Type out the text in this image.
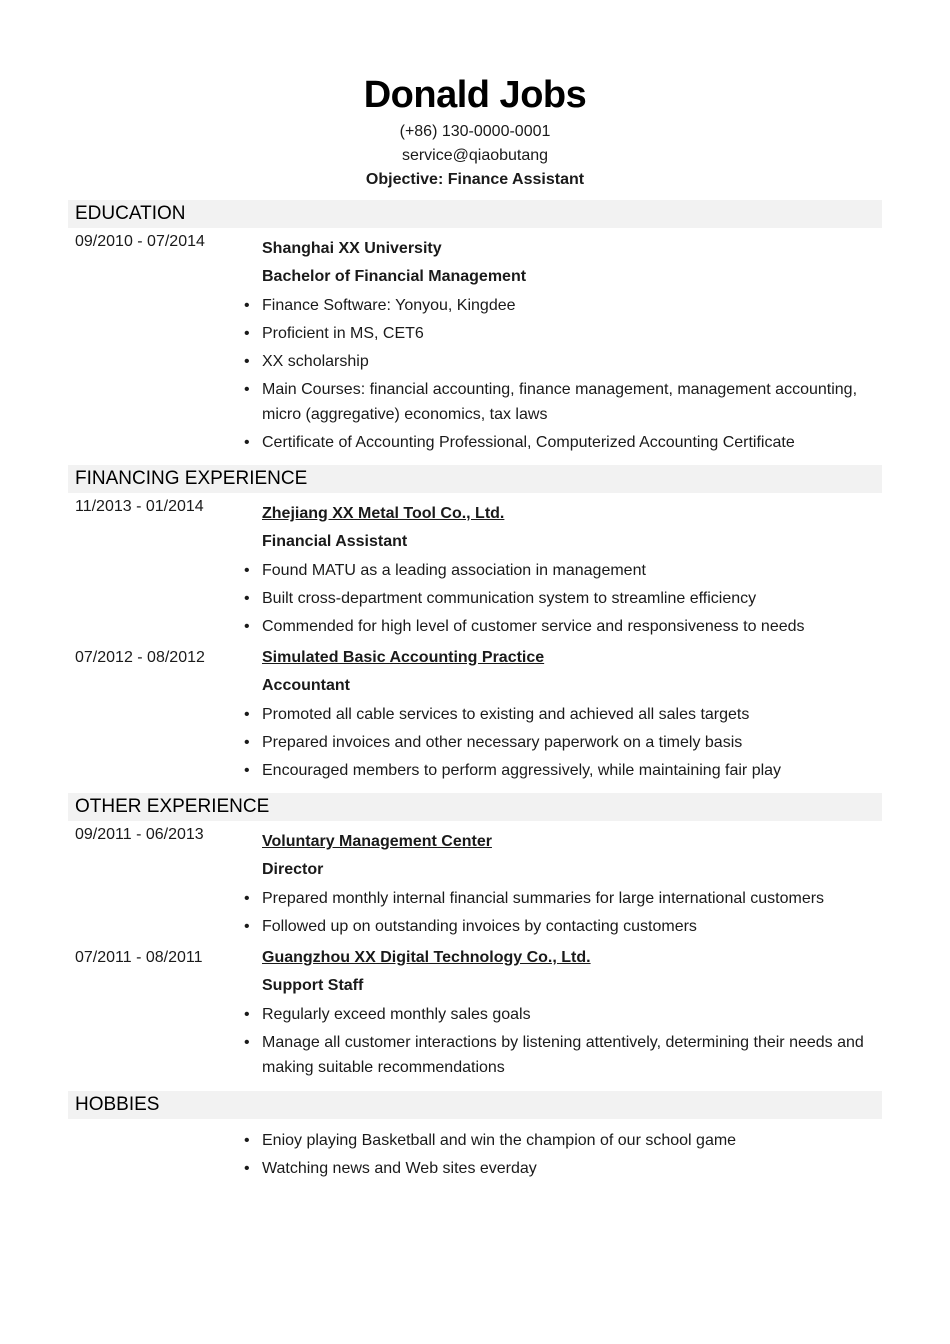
Donald Jobs
(+86) 130-0000-0001
service@qiaobutang
Objective: Finance Assistant
EDUCATION
09/2010 - 07/2014	Shanghai XX University
Bachelor of Financial Management
• Finance Software: Yonyou, Kingdee
• Proficient in MS, CET6
• XX scholarship
• Main Courses: financial accounting, finance management, management accounting, micro (aggregative) economics, tax laws
• Certificate of Accounting Professional, Computerized Accounting Certificate
FINANCING EXPERIENCE
11/2013 - 01/2014	Zhejiang XX Metal Tool Co., Ltd.
Financial Assistant
• Found MATU as a leading association in management
• Built cross-department communication system to streamline efficiency
• Commended for high level of customer service and responsiveness to needs
07/2012 - 08/2012	Simulated Basic Accounting Practice
Accountant
• Promoted all cable services to existing and achieved all sales targets
• Prepared invoices and other necessary paperwork on a timely basis
• Encouraged members to perform aggressively, while maintaining fair play
OTHER EXPERIENCE
09/2011 - 06/2013	Voluntary Management Center
Director
• Prepared monthly internal financial summaries for large international customers
• Followed up on outstanding invoices by contacting customers
07/2011 - 08/2011	Guangzhou XX Digital Technology Co., Ltd.
Support Staff
• Regularly exceed monthly sales goals
• Manage all customer interactions by listening attentively, determining their needs and making suitable recommendations
HOBBIES
• Enioy playing Basketball and win the champion of our school game
• Watching news and Web sites everday
